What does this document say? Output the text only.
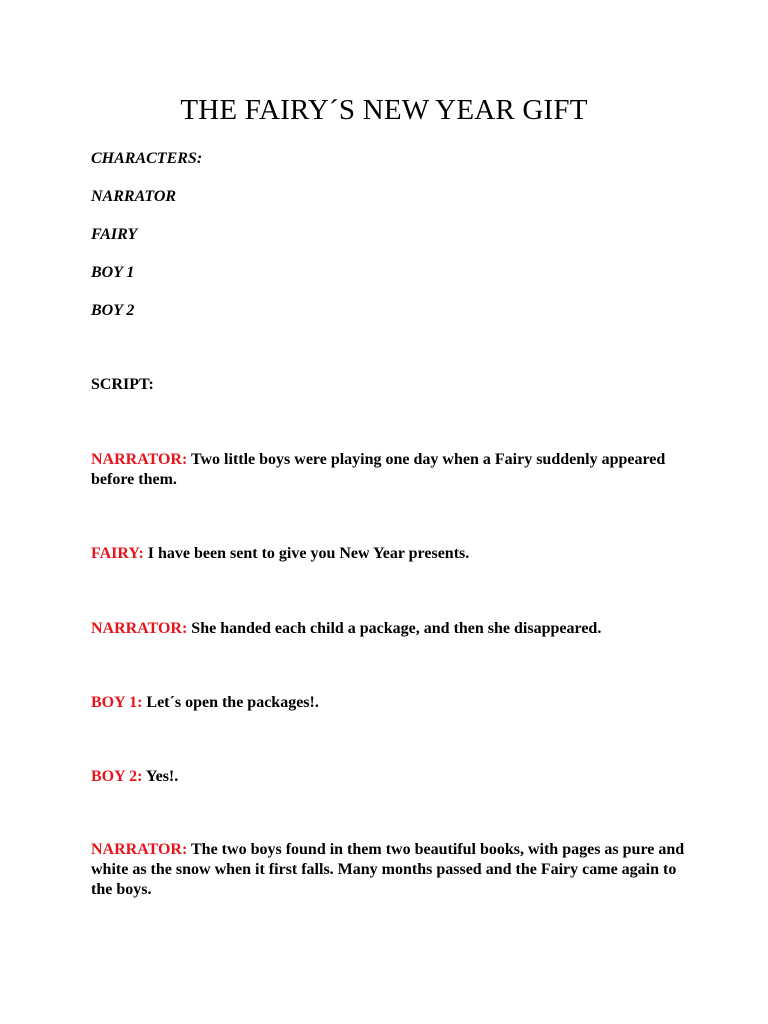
THE FAIRY´S NEW YEAR GIFT

CHARACTERS:

NARRATOR

FAIRY

BOY 1

BOY 2

SCRIPT:

NARRATOR: Two little boys were playing one day when a Fairy suddenly appeared before them.

FAIRY: I have been sent to give you New Year presents.

NARRATOR: She handed each child a package, and then she disappeared.

BOY 1: Let´s open the packages!.

BOY 2: Yes!.

NARRATOR: The two boys found in them two beautiful books, with pages as pure and white as the snow when it first falls. Many months passed and the Fairy came again to the boys.
